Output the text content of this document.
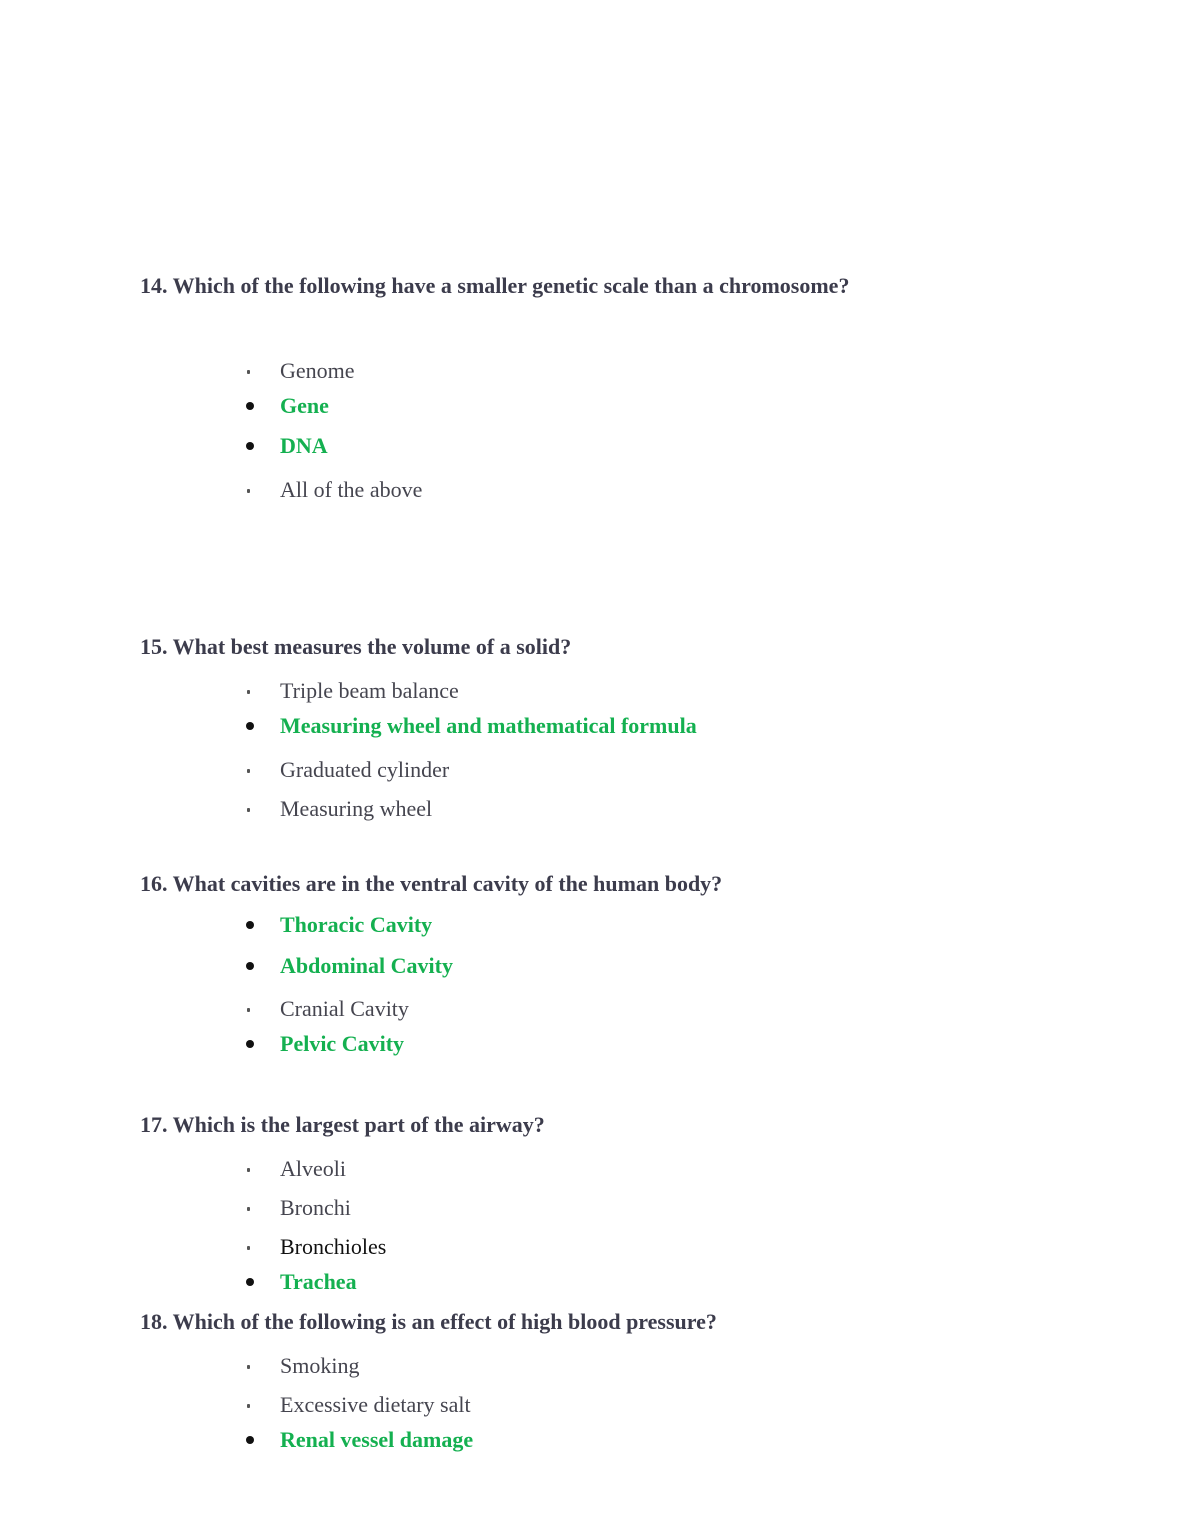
14. Which of the following have a smaller genetic scale than a chromosome?
Genome
Gene
DNA
All of the above
15. What best measures the volume of a solid?
Triple beam balance
Measuring wheel and mathematical formula
Graduated cylinder
Measuring wheel
16. What cavities are in the ventral cavity of the human body?
Thoracic Cavity
Abdominal Cavity
Cranial Cavity
Pelvic Cavity
17. Which is the largest part of the airway?
Alveoli
Bronchi
Bronchioles
Trachea
18. Which of the following is an effect of high blood pressure?
Smoking
Excessive dietary salt
Renal vessel damage
